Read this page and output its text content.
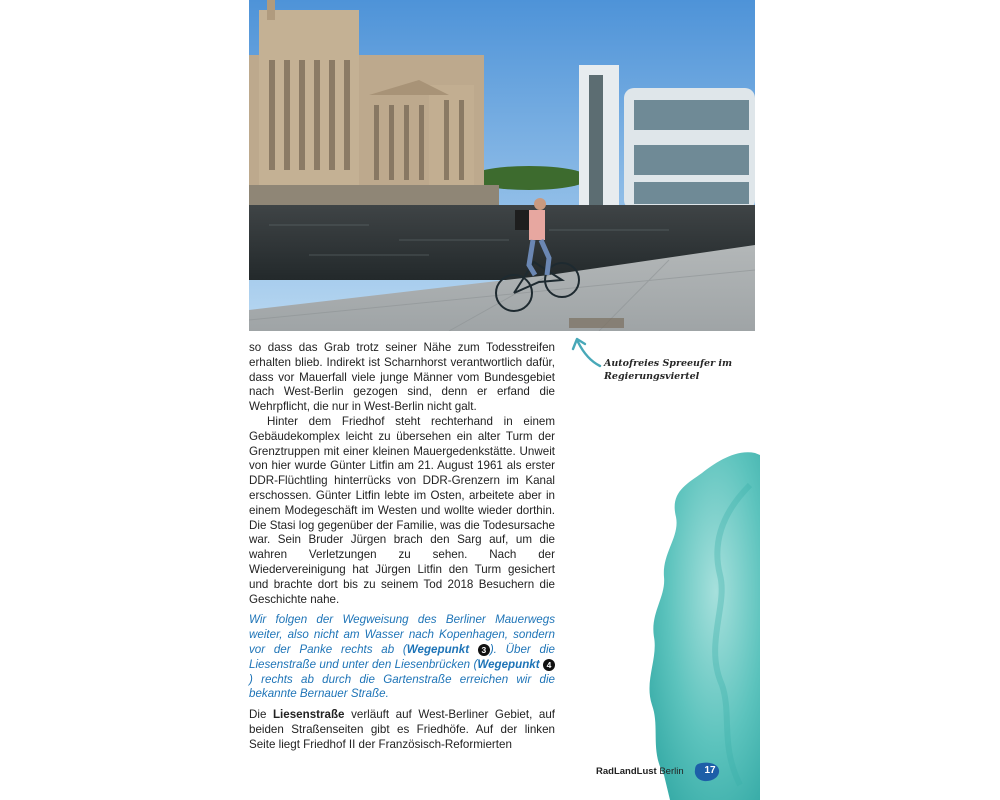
Autofreies Spreeufer im
Regierungsviertel

so dass das Grab trotz seiner Nähe zum Todesstreifen erhalten blieb. Indirekt ist Scharnhorst verantwortlich dafür, dass vor Mauerfall viele junge Männer vom Bundesgebiet nach West-Berlin gezogen sind, denn er erfand die Wehrpflicht, die nur in West-Berlin nicht galt.

Hinter dem Friedhof steht rechterhand in einem Gebäudekomplex leicht zu übersehen ein alter Turm der Grenztruppen mit einer kleinen Mauergedenkstätte. Unweit von hier wurde Günter Litfin am 21. August 1961 als erster DDR-Flüchtling hinterrücks von DDR-Grenzern im Kanal erschossen. Günter Litfin lebte im Osten, arbeitete aber in einem Modegeschäft im Westen und wollte wieder dorthin. Die Stasi log gegenüber der Familie, was die Todesursache war. Sein Bruder Jürgen brach den Sarg auf, um die wahren Verletzungen zu sehen. Nach der Wiedervereinigung hat Jürgen Litfin den Turm gesichert und brachte dort bis zu seinem Tod 2018 Besuchern die Geschichte nahe.

Wir folgen der Wegweisung des Berliner Mauerwegs weiter, also nicht am Wasser nach Kopenhagen, sondern vor der Panke rechts ab (Wegepunkt 3 ). Über die Liesenstraße und unter den Liesenbrücken (Wegepunkt 4) rechts ab durch die Gartenstraße erreichen wir die bekannte Bernauer Straße.

Die Liesenstraße verläuft auf West-Berliner Gebiet, auf beiden Straßenseiten gibt es Friedhöfe. Auf der linken Seite liegt Friedhof II der Französisch-Reformierten

RadLandLust Berlin	17
